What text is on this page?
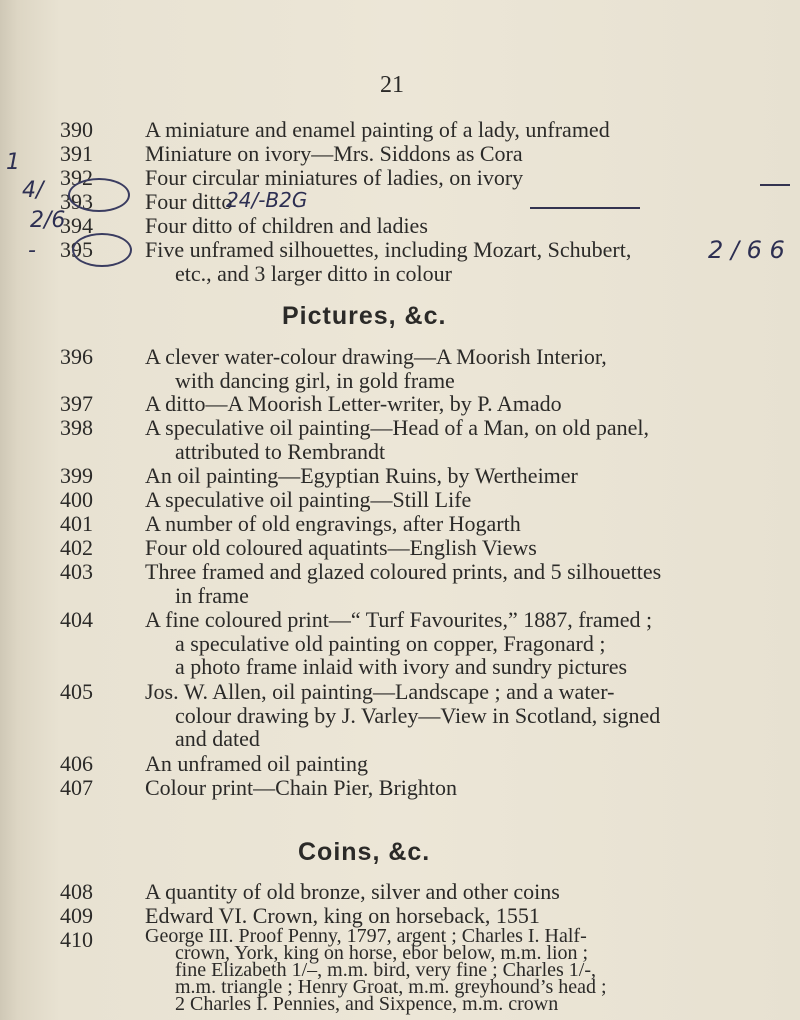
21
390	A miniature and enamel painting of a lady, unframed
391	Miniature on ivory—Mrs. Siddons as Cora
392	Four circular miniatures of ladies, on ivory
393	Four ditto
394	Four ditto of children and ladies
395	Five unframed silhouettes, including Mozart, Schubert,
etc., and 3 larger ditto in colour
Pictures, &c.
396	A clever water-colour drawing—A Moorish Interior,
with dancing girl, in gold frame
397	A ditto—A Moorish Letter-writer, by P. Amado
398	A speculative oil painting—Head of a Man, on old panel,
attributed to Rembrandt
399	An oil painting—Egyptian Ruins, by Wertheimer
400	A speculative oil painting—Still Life
401	A number of old engravings, after Hogarth
402	Four old coloured aquatints—English Views
403	Three framed and glazed coloured prints, and 5 silhouettes
in frame
404	A fine coloured print—“ Turf Favourites,” 1887, framed ;
a speculative old painting on copper, Fragonard ;
a photo frame inlaid with ivory and sundry pictures
405	Jos. W. Allen, oil painting—Landscape ; and a water-
colour drawing by J. Varley—View in Scotland, signed
and dated
406	An unframed oil painting
407	Colour print—Chain Pier, Brighton
Coins, &c.
408	A quantity of old bronze, silver and other coins
409	Edward VI. Crown, king on horseback, 1551
410	George III. Proof Penny, 1797, argent ; Charles I. Half-

crown, York, king on horse, ebor below, m.m. lion ;
fine Elizabeth 1/–, m.m. bird, very fine ; Charles 1/-,
m.m. triangle ; Henry Groat, m.m. greyhound’s head ;
2 Charles I. Pennies, and Sixpence, m.m. crown
1
4/
2/6
-
24/-B2G
2 / 6 6
